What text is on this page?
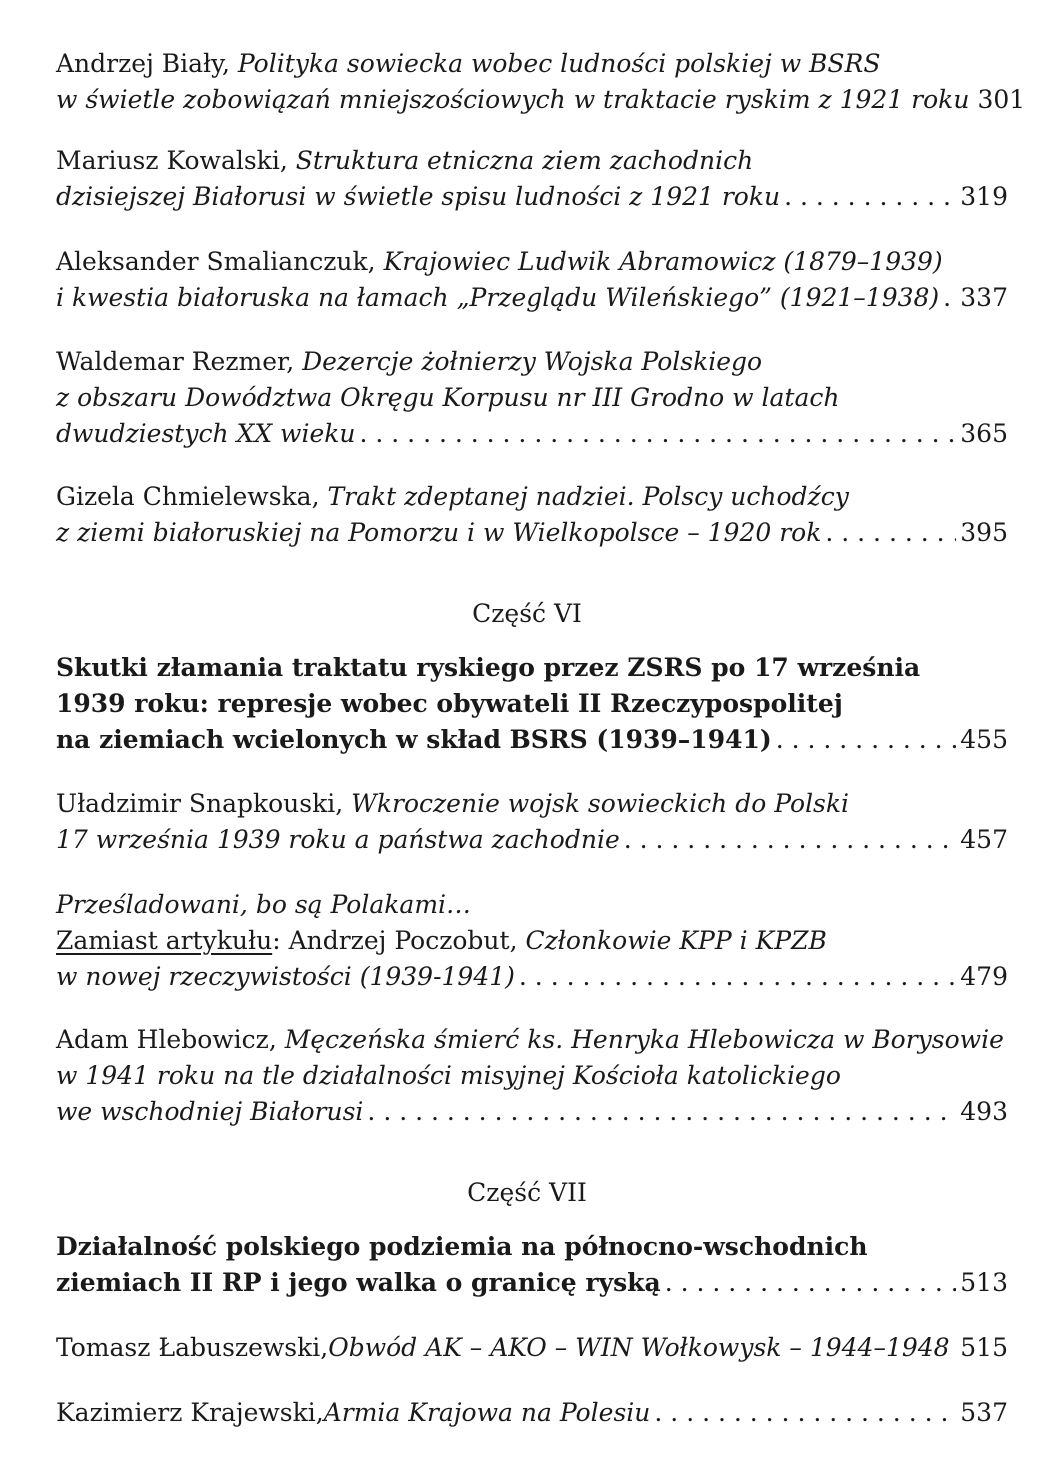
Andrzej Biały, Polityka sowiecka wobec ludności polskiej w BSRS
w świetle zobowiązań mniejszościowych w traktacie ryskim z 1921 roku 301
Mariusz Kowalski, Struktura etniczna ziem zachodnich
dzisiejszej Białorusi w świetle spisu ludności z 1921 roku . . .	319
Aleksander Smalianczuk, Krajowiec Ludwik Abramowicz (1879–1939)
i kwestia białoruska na łamach „Przeglądu Wileńskiego” (1921–1938) . . . 337
Waldemar Rezmer, Dezercje żołnierzy Wojska Polskiego
z obszaru Dowództwa Okręgu Korpusu nr III Grodno w latach
dwudziestych XX wieku . . .	365
Gizela Chmielewska, Trakt zdeptanej nadziei. Polscy uchodźcy
z ziemi białoruskiej na Pomorzu i w Wielkopolsce – 1920 rok . . .	395
Część VI
Skutki złamania traktatu ryskiego przez ZSRS po 17 września
1939 roku: represje wobec obywateli II Rzeczypospolitej
na ziemiach wcielonych w skład BSRS (1939–1941) . . .	455
Uładzimir Snapkouski, Wkroczenie wojsk sowieckich do Polski
17 września 1939 roku a państwa zachodnie . . .	457
Prześladowani, bo są Polakami…
Zamiast artykułu: Andrzej Poczobut, Członkowie KPP i KPZB
w nowej rzeczywistości (1939-1941) . . .	479
Adam Hlebowicz, Męczeńska śmierć ks. Henryka Hlebowicza w Borysowie
w 1941 roku na tle działalności misyjnej Kościoła katolickiego
we wschodniej Białorusi . . .	493
Część VII
Działalność polskiego podziemia na północno-wschodnich
ziemiach II RP i jego walka o granicę ryską . . .	513
Tomasz Łabuszewski, Obwód AK – AKO – WIN Wołkowysk – 1944–1948 . . . 515
Kazimierz Krajewski, Armia Krajowa na Polesiu . . .	537
